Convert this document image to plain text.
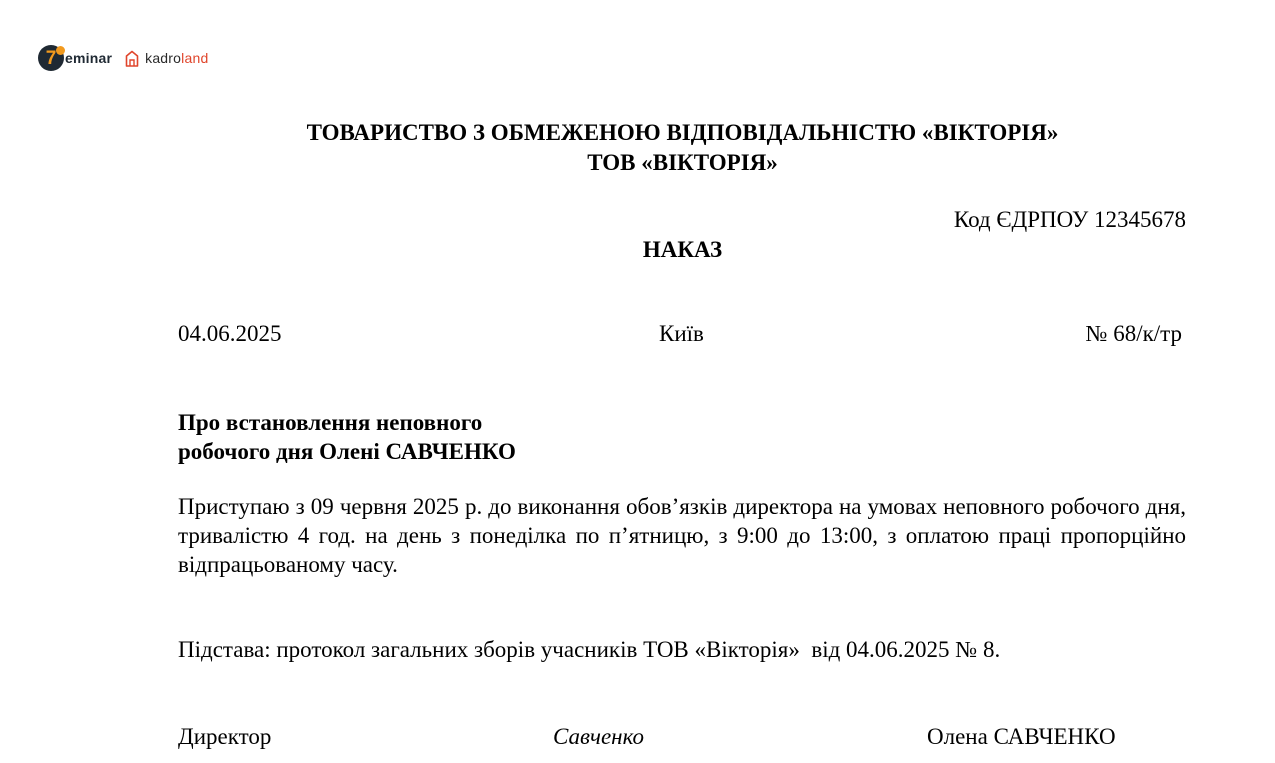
7 eminar kadroland
ТОВАРИСТВО З ОБМЕЖЕНОЮ ВІДПОВІДАЛЬНІСТЮ «ВІКТОРІЯ»
ТОВ «ВІКТОРІЯ»
Код ЄДРПОУ 12345678
НАКАЗ
04.06.2025	Київ	№ 68/к/тр
Про встановлення неповного
робочого дня Олені САВЧЕНКО
Приступаю з 09 червня 2025 р. до виконання обов’язків директора на умовах неповного робочого дня, тривалістю 4 год. на день з понеділка по п’ятницю, з 9:00 до 13:00, з оплатою праці пропорційно відпрацьованому часу.
Підстава: протокол загальних зборів учасників ТОВ «Вікторія»  від 04.06.2025 № 8.
Директор	Савченко	Олена САВЧЕНКО
